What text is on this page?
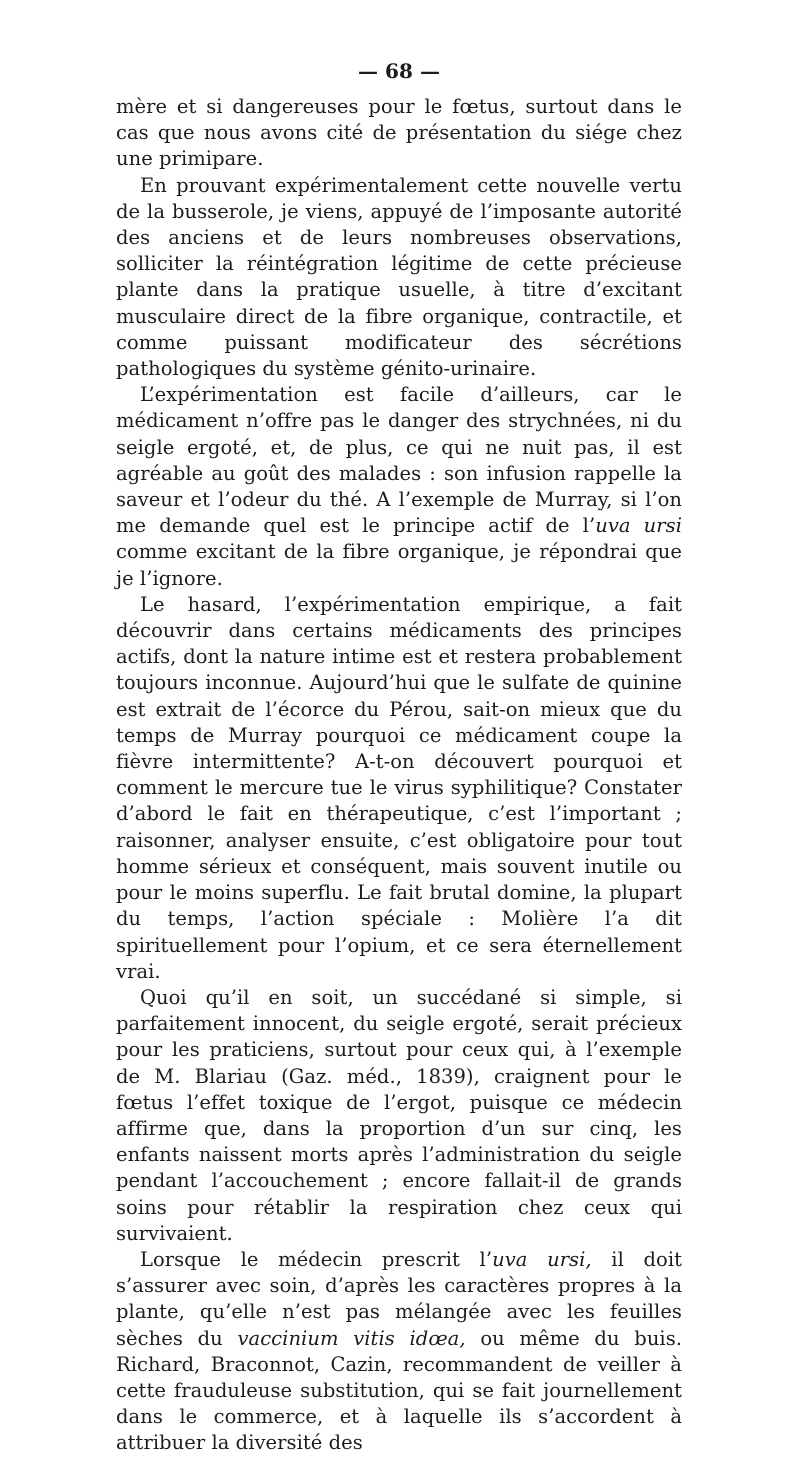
— 68 —

mère et si dangereuses pour le fœtus, surtout dans le cas que nous avons cité de présentation du siége chez une primipare.

En prouvant expérimentalement cette nouvelle vertu de la busserole, je viens, appuyé de l’imposante autorité des anciens et de leurs nombreuses observations, solliciter la réintégration légitime de cette précieuse plante dans la pratique usuelle, à titre d’excitant musculaire direct de la fibre organique, contractile, et comme puissant modificateur des sécrétions pathologiques du système génito-urinaire.

L’expérimentation est facile d’ailleurs, car le médicament n’offre pas le danger des strychnées, ni du seigle ergoté, et, de plus, ce qui ne nuit pas, il est agréable au goût des malades : son infusion rappelle la saveur et l’odeur du thé. A l’exemple de Murray, si l’on me demande quel est le principe actif de l’uva ursi comme excitant de la fibre organique, je répondrai que je l’ignore.

Le hasard, l’expérimentation empirique, a fait découvrir dans certains médicaments des principes actifs, dont la nature intime est et restera probablement toujours inconnue. Aujourd’hui que le sulfate de quinine est extrait de l’écorce du Pérou, sait-on mieux que du temps de Murray pourquoi ce médicament coupe la fièvre intermittente? A-t-on découvert pourquoi et comment le mercure tue le virus syphilitique? Constater d’abord le fait en thérapeutique, c’est l’important ; raisonner, analyser ensuite, c’est obligatoire pour tout homme sérieux et conséquent, mais souvent inutile ou pour le moins superflu. Le fait brutal domine, la plupart du temps, l’action spéciale : Molière l’a dit spirituellement pour l’opium, et ce sera éternellement vrai.

Quoi qu’il en soit, un succédané si simple, si parfaitement innocent, du seigle ergoté, serait précieux pour les praticiens, surtout pour ceux qui, à l’exemple de M. Blariau (Gaz. méd., 1839), craignent pour le fœtus l’effet toxique de l’ergot, puisque ce médecin affirme que, dans la proportion d’un sur cinq, les enfants naissent morts après l’administration du seigle pendant l’accouchement ; encore fallait-il de grands soins pour rétablir la respiration chez ceux qui survivaient.

Lorsque le médecin prescrit l’uva ursi, il doit s’assurer avec soin, d’après les caractères propres à la plante, qu’elle n’est pas mélangée avec les feuilles sèches du vaccinium vitis idœa, ou même du buis. Richard, Braconnot, Cazin, recommandent de veiller à cette frauduleuse substitution, qui se fait journellement dans le commerce, et à laquelle ils s’accordent à attribuer la diversité des
